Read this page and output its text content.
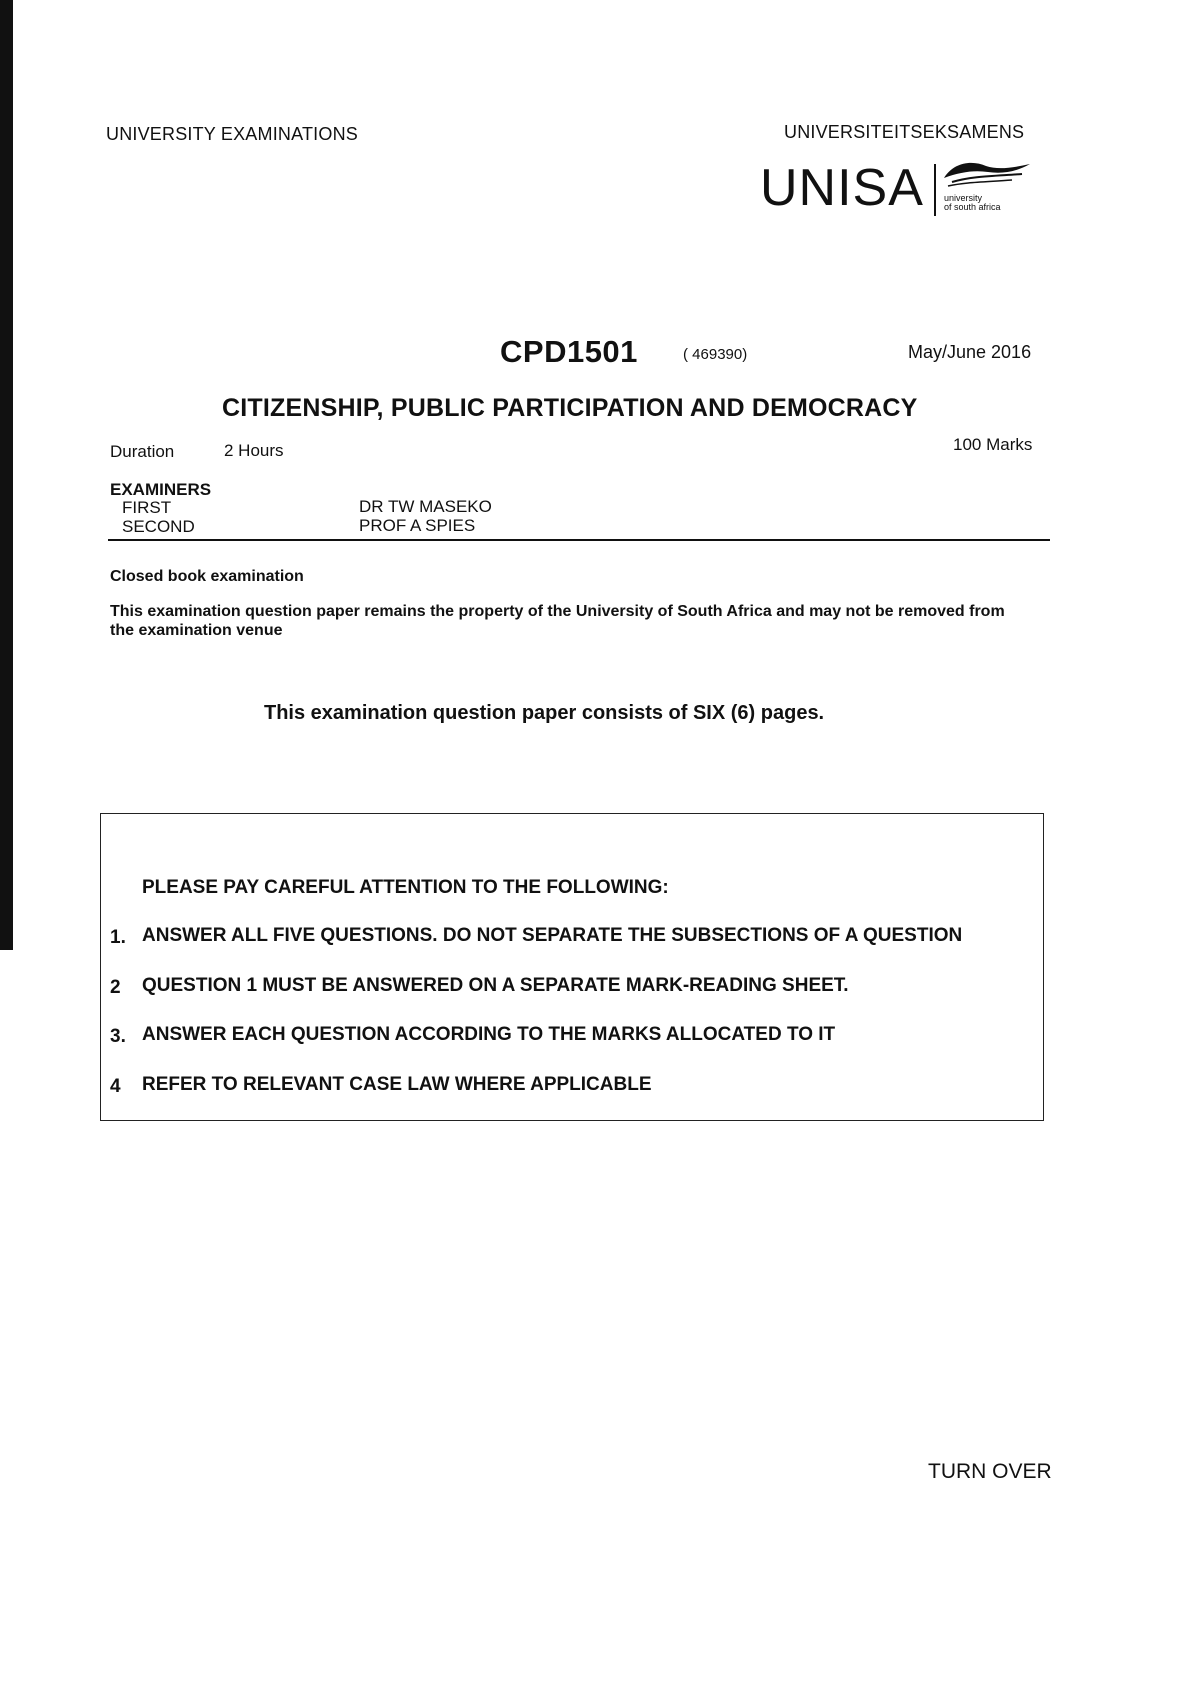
UNIVERSITY EXAMINATIONS	UNIVERSITEITSEKSAMENS
UNISA university
of south africa
CPD1501	( 469390)	May/June 2016
CITIZENSHIP, PUBLIC PARTICIPATION AND DEMOCRACY
Duration	2 Hours	100 Marks
EXAMINERS
FIRST	DR TW MASEKO
SECOND	PROF A SPIES
Closed book examination
This examination question paper remains the property of the University of South Africa and may not be removed from the examination venue
This examination question paper consists of SIX (6) pages.
PLEASE PAY CAREFUL ATTENTION TO THE FOLLOWING:
1. ANSWER ALL FIVE QUESTIONS. DO NOT SEPARATE THE SUBSECTIONS OF A QUESTION
2 QUESTION 1 MUST BE ANSWERED ON A SEPARATE MARK-READING SHEET.
3. ANSWER EACH QUESTION ACCORDING TO THE MARKS ALLOCATED TO IT
4 REFER TO RELEVANT CASE LAW WHERE APPLICABLE
TURN OVER
